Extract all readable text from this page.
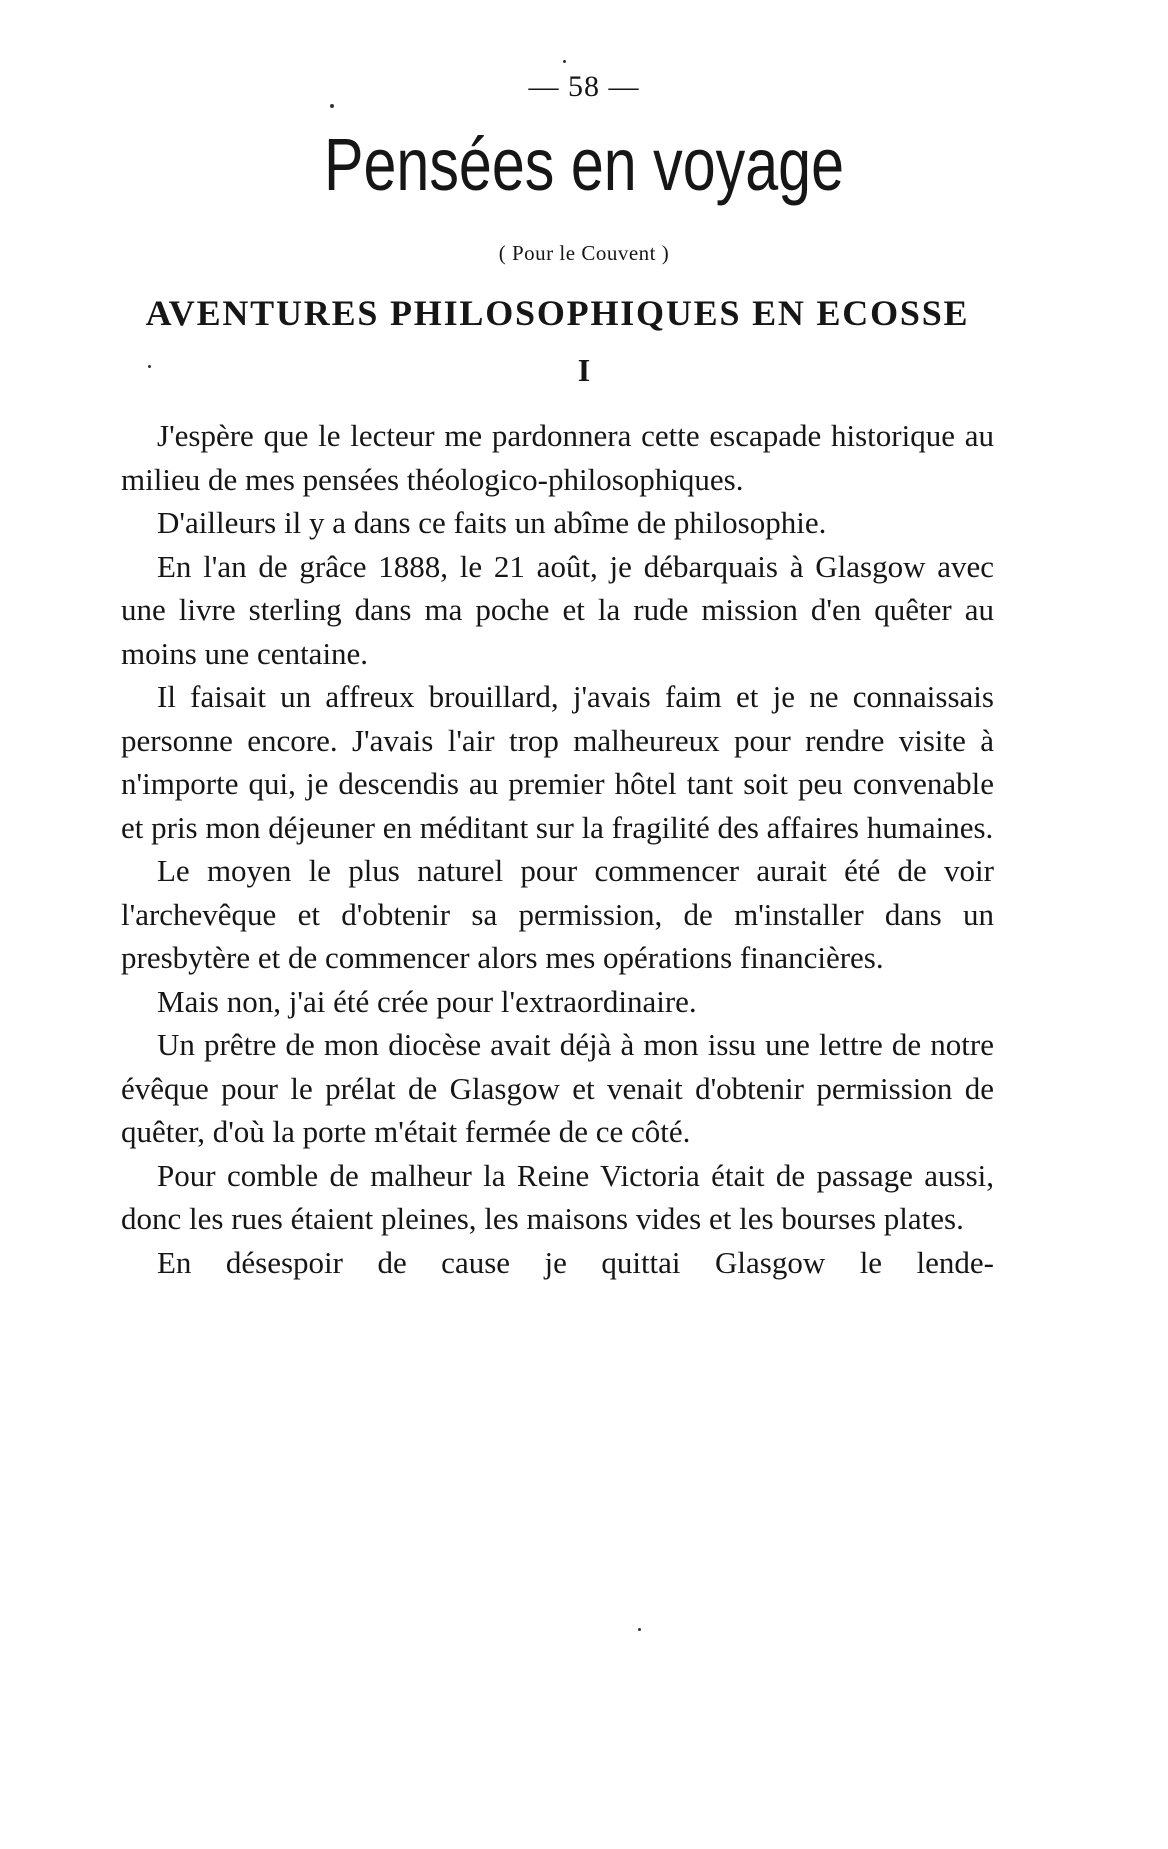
— 58 —
Pensées en voyage
( Pour le Couvent )
AVENTURES PHILOSOPHIQUES EN ECOSSE
I

J'espère que le lecteur me pardonnera cette escapade historique au milieu de mes pensées théologico-philosophiques.

D'ailleurs il y a dans ce faits un abîme de philosophie.

En l'an de grâce 1888, le 21 août, je débarquais à Glasgow avec une livre sterling dans ma poche et la rude mission d'en quêter au moins une centaine.

Il faisait un affreux brouillard, j'avais faim et je ne connaissais personne encore. J'avais l'air trop malheureux pour rendre visite à n'importe qui, je descendis au premier hôtel tant soit peu convenable et pris mon déjeuner en méditant sur la fragilité des affaires humaines.

Le moyen le plus naturel pour commencer aurait été de voir l'archevêque et d'obtenir sa permission, de m'installer dans un presbytère et de commencer alors mes opérations financières.

Mais non, j'ai été crée pour l'extraordinaire.

Un prêtre de mon diocèse avait déjà à mon issu une lettre de notre évêque pour le prélat de Glasgow et venait d'obtenir permission de quêter, d'où la porte m'était fermée de ce côté.

Pour comble de malheur la Reine Victoria était de passage aussi, donc les rues étaient pleines, les maisons vides et les bourses plates.

En désespoir de cause je quittai Glasgow le lende-
